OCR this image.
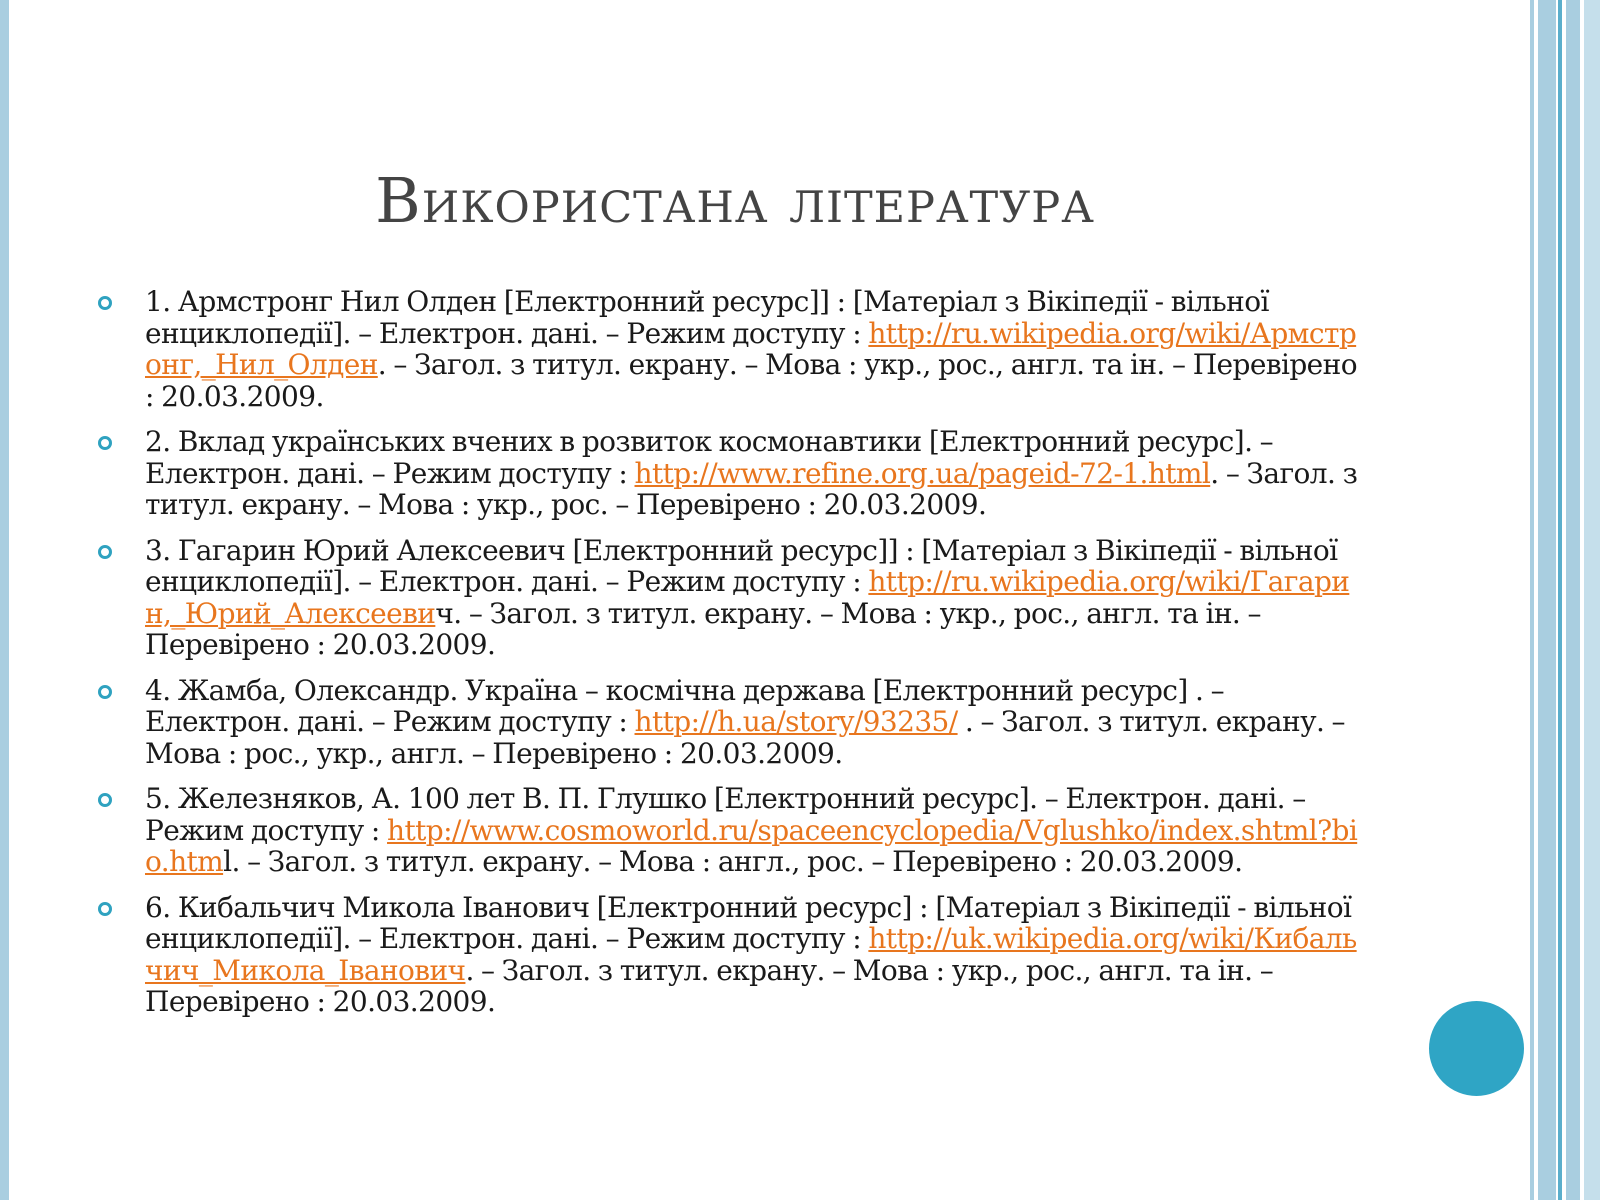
Використана література
1. Армстронг Нил Олден [Електронний ресурс]] : [Матеріал з Вікіпедії - вільної енциклопедії]. – Електрон. дані. – Режим доступу : http://ru.wikipedia.org/wiki/Армстронг,_Нил_Олден. – Загол. з титул. екрану. – Мова : укр., рос., англ. та ін. – Перевірено : 20.03.2009.
2. Вклад українських вчених в розвиток космонавтики [Електронний ресурс]. – Електрон. дані. – Режим доступу : http://www.refine.org.ua/pageid-72-1.html. – Загол. з титул. екрану. – Мова : укр., рос. – Перевірено : 20.03.2009.
3. Гагарин Юрий Алексеевич [Електронний ресурс]] : [Матеріал з Вікіпедії - вільної енциклопедії]. – Електрон. дані. – Режим доступу : http://ru.wikipedia.org/wiki/Гагарин,_Юрий_Алексеевич. – Загол. з титул. екрану. – Мова : укр., рос., англ. та ін. – Перевірено : 20.03.2009.
4. Жамба, Олександр. Україна – космічна держава [Електронний ресурс] . – Електрон. дані. – Режим доступу : http://h.ua/story/93235/ . – Загол. з титул. екрану. – Мова : рос., укр., англ. – Перевірено : 20.03.2009.
5. Железняков, А. 100 лет В. П. Глушко [Електронний ресурс]. – Електрон. дані. – Режим доступу : http://www.cosmoworld.ru/spaceencyclopedia/Vglushko/index.shtml?bio.html. – Загол. з титул. екрану. – Мова : англ., рос. – Перевірено : 20.03.2009.
6. Кибальчич Микола Іванович [Електронний ресурс] : [Матеріал з Вікіпедії - вільної енциклопедії]. – Електрон. дані. – Режим доступу : http://uk.wikipedia.org/wiki/Кибальчич_Микола_Іванович. – Загол. з титул. екрану. – Мова : укр., рос., англ. та ін. – Перевірено : 20.03.2009.
